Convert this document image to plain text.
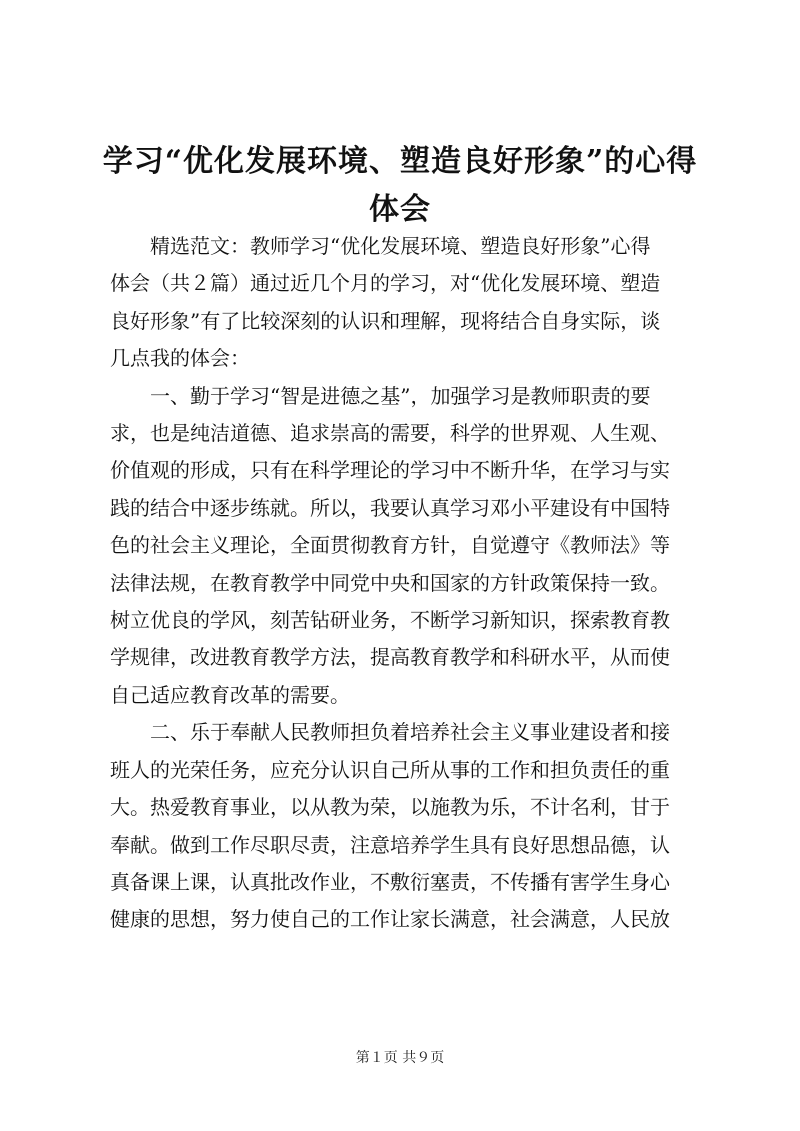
学习“优化发展环境、塑造良好形象”的心得
体会

　　精选范文：教师学习“优化发展环境、塑造良好形象”心得
体会（共２篇）通过近几个月的学习，对“优化发展环境、塑造
良好形象”有了比较深刻的认识和理解，现将结合自身实际，谈
几点我的体会：

　　一、勤于学习“智是进德之基”，加强学习是教师职责的要
求，也是纯洁道德、追求崇高的需要，科学的世界观、人生观、
价值观的形成，只有在科学理论的学习中不断升华，在学习与实
践的结合中逐步练就。所以，我要认真学习邓小平建设有中国特
色的社会主义理论，全面贯彻教育方针，自觉遵守《教师法》等
法律法规，在教育教学中同党中央和国家的方针政策保持一致。
树立优良的学风，刻苦钻研业务，不断学习新知识，探索教育教
学规律，改进教育教学方法，提高教育教学和科研水平，从而使
自己适应教育改革的需要。

　　二、乐于奉献人民教师担负着培养社会主义事业建设者和接
班人的光荣任务，应充分认识自己所从事的工作和担负责任的重
大。热爱教育事业，以从教为荣，以施教为乐，不计名利，甘于
奉献。做到工作尽职尽责，注意培养学生具有良好思想品德，认
真备课上课，认真批改作业，不敷衍塞责，不传播有害学生身心
健康的思想，努力使自己的工作让家长满意，社会满意，人民放

第１页 共９页
